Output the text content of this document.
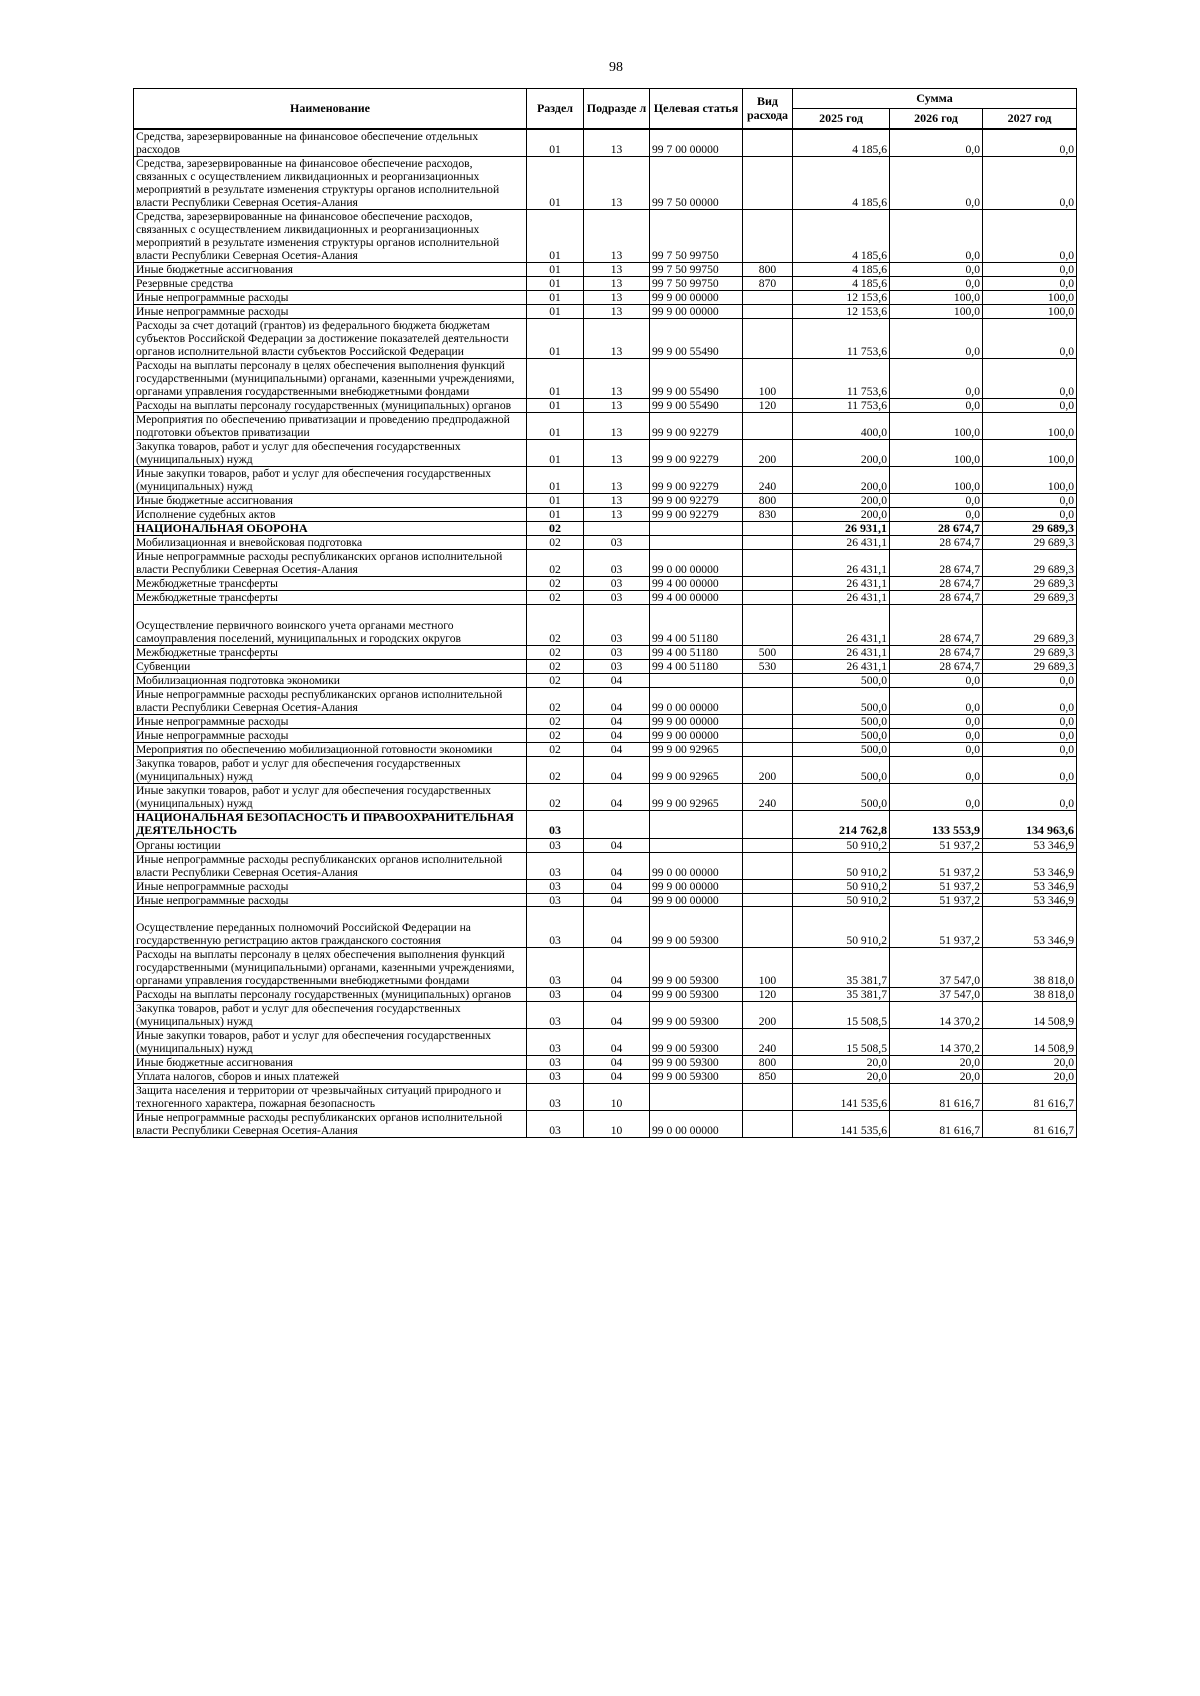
98
Наименование	Раздел	Подразде л	Целевая статья	Вид расхода	Сумма		
					2025 год	2026 год	2027 год
Средства, зарезервированные на финансовое обеспечение отдельных расходов	01	13	99 7 00 00000		4 185,6	0,0	0,0
Средства, зарезервированные на финансовое обеспечение расходов, связанных с осуществлением ликвидационных и реорганизационных мероприятий в результате изменения структуры органов исполнительной власти Республики Северная Осетия-Алания	01	13	99 7 50 00000		4 185,6	0,0	0,0
Средства, зарезервированные на финансовое обеспечение расходов, связанных с осуществлением ликвидационных и реорганизационных мероприятий в результате изменения структуры органов исполнительной власти Республики Северная Осетия-Алания	01	13	99 7 50 99750		4 185,6	0,0	0,0
Иные бюджетные ассигнования	01	13	99 7 50 99750	800	4 185,6	0,0	0,0
Резервные средства	01	13	99 7 50 99750	870	4 185,6	0,0	0,0
Иные непрограммные расходы	01	13	99 9 00 00000		12 153,6	100,0	100,0
Иные непрограммные расходы	01	13	99 9 00 00000		12 153,6	100,0	100,0
Расходы за счет дотаций (грантов) из федерального бюджета бюджетам субъектов Российской Федерации за достижение показателей деятельности органов исполнительной власти субъектов Российской Федерации	01	13	99 9 00 55490		11 753,6	0,0	0,0
Расходы на выплаты персоналу в целях обеспечения выполнения функций государственными (муниципальными) органами, казенными учреждениями, органами управления государственными внебюджетными фондами	01	13	99 9 00 55490	100	11 753,6	0,0	0,0
Расходы на выплаты персоналу государственных (муниципальных) органов	01	13	99 9 00 55490	120	11 753,6	0,0	0,0
Мероприятия по обеспечению приватизации и проведению предпродажной подготовки объектов приватизации	01	13	99 9 00 92279		400,0	100,0	100,0
Закупка товаров, работ и услуг для обеспечения государственных (муниципальных) нужд	01	13	99 9 00 92279	200	200,0	100,0	100,0
Иные закупки товаров, работ и услуг для обеспечения государственных (муниципальных) нужд	01	13	99 9 00 92279	240	200,0	100,0	100,0
Иные бюджетные ассигнования	01	13	99 9 00 92279	800	200,0	0,0	0,0
Исполнение судебных актов	01	13	99 9 00 92279	830	200,0	0,0	0,0
НАЦИОНАЛЬНАЯ ОБОРОНА	02				26 931,1	28 674,7	29 689,3
Мобилизационная и вневойсковая подготовка	02	03			26 431,1	28 674,7	29 689,3
Иные непрограммные расходы республиканских органов исполнительной власти Республики Северная Осетия-Алания	02	03	99 0 00 00000		26 431,1	28 674,7	29 689,3
Межбюджетные трансферты	02	03	99 4 00 00000		26 431,1	28 674,7	29 689,3
Межбюджетные трансферты	02	03	99 4 00 00000		26 431,1	28 674,7	29 689,3
Осуществление первичного воинского учета органами местного самоуправления поселений, муниципальных и городских округов	02	03	99 4 00 51180		26 431,1	28 674,7	29 689,3
Межбюджетные трансферты	02	03	99 4 00 51180	500	26 431,1	28 674,7	29 689,3
Субвенции	02	03	99 4 00 51180	530	26 431,1	28 674,7	29 689,3
Мобилизационная подготовка экономики	02	04			500,0	0,0	0,0
Иные непрограммные расходы республиканских органов исполнительной власти Республики Северная Осетия-Алания	02	04	99 0 00 00000		500,0	0,0	0,0
Иные непрограммные расходы	02	04	99 9 00 00000		500,0	0,0	0,0
Иные непрограммные расходы	02	04	99 9 00 00000		500,0	0,0	0,0
Мероприятия по обеспечению мобилизационной готовности экономики	02	04	99 9 00 92965		500,0	0,0	0,0
Закупка товаров, работ и услуг для обеспечения государственных (муниципальных) нужд	02	04	99 9 00 92965	200	500,0	0,0	0,0
Иные закупки товаров, работ и услуг для обеспечения государственных (муниципальных) нужд	02	04	99 9 00 92965	240	500,0	0,0	0,0
НАЦИОНАЛЬНАЯ БЕЗОПАСНОСТЬ И ПРАВООХРАНИТЕЛЬНАЯ ДЕЯТЕЛЬНОСТЬ	03				214 762,8	133 553,9	134 963,6
Органы юстиции	03	04			50 910,2	51 937,2	53 346,9
Иные непрограммные расходы республиканских органов исполнительной власти Республики Северная Осетия-Алания	03	04	99 0 00 00000		50 910,2	51 937,2	53 346,9
Иные непрограммные расходы	03	04	99 9 00 00000		50 910,2	51 937,2	53 346,9
Иные непрограммные расходы	03	04	99 9 00 00000		50 910,2	51 937,2	53 346,9
Осуществление переданных полномочий Российской Федерации на государственную регистрацию актов гражданского состояния	03	04	99 9 00 59300		50 910,2	51 937,2	53 346,9
Расходы на выплаты персоналу в целях обеспечения выполнения функций государственными (муниципальными) органами, казенными учреждениями, органами управления государственными внебюджетными фондами	03	04	99 9 00 59300	100	35 381,7	37 547,0	38 818,0
Расходы на выплаты персоналу государственных (муниципальных) органов	03	04	99 9 00 59300	120	35 381,7	37 547,0	38 818,0
Закупка товаров, работ и услуг для обеспечения государственных (муниципальных) нужд	03	04	99 9 00 59300	200	15 508,5	14 370,2	14 508,9
Иные закупки товаров, работ и услуг для обеспечения государственных (муниципальных) нужд	03	04	99 9 00 59300	240	15 508,5	14 370,2	14 508,9
Иные бюджетные ассигнования	03	04	99 9 00 59300	800	20,0	20,0	20,0
Уплата налогов, сборов и иных платежей	03	04	99 9 00 59300	850	20,0	20,0	20,0
Защита населения и территории от чрезвычайных ситуаций природного и техногенного характера, пожарная безопасность	03	10			141 535,6	81 616,7	81 616,7
Иные непрограммные расходы республиканских органов исполнительной власти Республики Северная Осетия-Алания	03	10	99 0 00 00000		141 535,6	81 616,7	81 616,7
